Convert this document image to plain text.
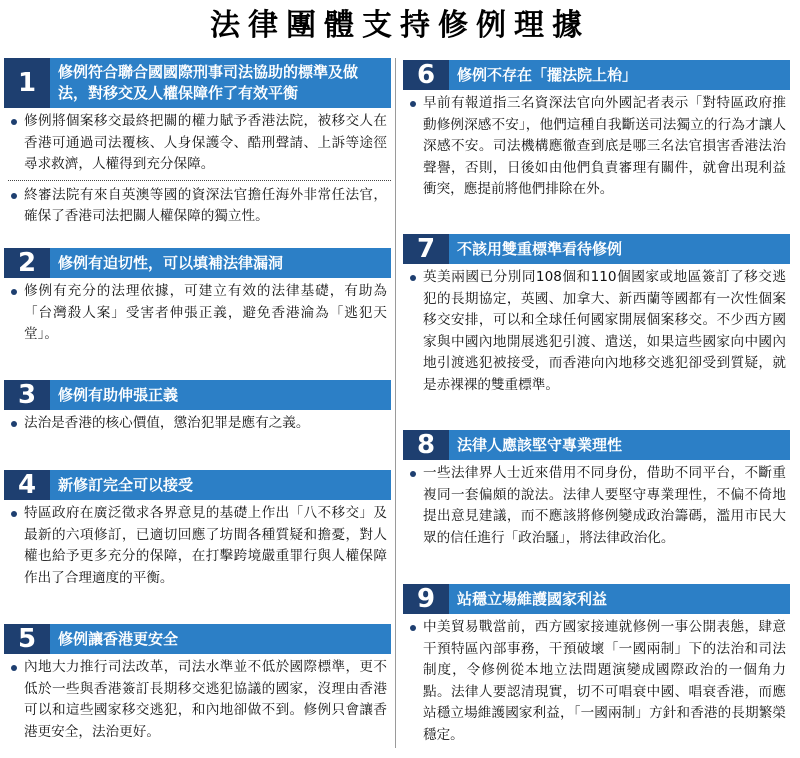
法律團體支持修例理據
1	修例符合聯合國國際刑事司法協助的標準及做法，對移交及人權保障作了有效平衡
修例將個案移交最終把關的權力賦予香港法院，被移交人在香港可通過司法覆核、人身保護令、酷刑聲請、上訴等途徑尋求救濟，人權得到充分保障。
終審法院有來自英澳等國的資深法官擔任海外非常任法官，確保了香港司法把關人權保障的獨立性。
2	修例有迫切性，可以填補法律漏洞
修例有充分的法理依據，可建立有效的法律基礎，有助為「台灣殺人案」受害者伸張正義，避免香港淪為「逃犯天堂」。
3	修例有助伸張正義
法治是香港的核心價值，懲治犯罪是應有之義。
4	新修訂完全可以接受
特區政府在廣泛徵求各界意見的基礎上作出「八不移交」及最新的六項修訂，已適切回應了坊間各種質疑和擔憂，對人權也給予更多充分的保障，在打擊跨境嚴重罪行與人權保障作出了合理適度的平衡。
5	修例讓香港更安全
內地大力推行司法改革，司法水準並不低於國際標準，更不低於一些與香港簽訂長期移交逃犯協議的國家，沒理由香港可以和這些國家移交逃犯，和內地卻做不到。修例只會讓香港更安全，法治更好。
6	修例不存在「擺法院上枱」
早前有報道指三名資深法官向外國記者表示「對特區政府推動修例深感不安」，他們這種自我斷送司法獨立的行為才讓人深感不安。司法機構應徹查到底是哪三名法官損害香港法治聲譽，否則，日後如由他們負責審理有關件，就會出現利益衝突，應提前將他們排除在外。
7	不該用雙重標準看待修例
英美兩國已分別同108個和110個國家或地區簽訂了移交逃犯的長期協定，英國、加拿大、新西蘭等國都有一次性個案移交安排，可以和全球任何國家開展個案移交。不少西方國家與中國內地開展逃犯引渡、遣送，如果這些國家向中國內地引渡逃犯被接受，而香港向內地移交逃犯卻受到質疑，就是赤裸裸的雙重標準。
8	法律人應該堅守專業理性
一些法律界人士近來借用不同身份，借助不同平台，不斷重複同一套偏頗的說法。法律人要堅守專業理性，不偏不倚地提出意見建議，而不應該將修例變成政治籌碼，濫用市民大眾的信任進行「政治騷」，將法律政治化。
9	站穩立場維護國家利益
中美貿易戰當前，西方國家接連就修例一事公開表態，肆意干預特區內部事務，干預破壞「一國兩制」下的法治和司法制度，令修例從本地立法問題演變成國際政治的一個角力點。法律人要認清現實，切不可唱衰中國、唱衰香港，而應站穩立場維護國家利益，「一國兩制」方針和香港的長期繁榮穩定。
